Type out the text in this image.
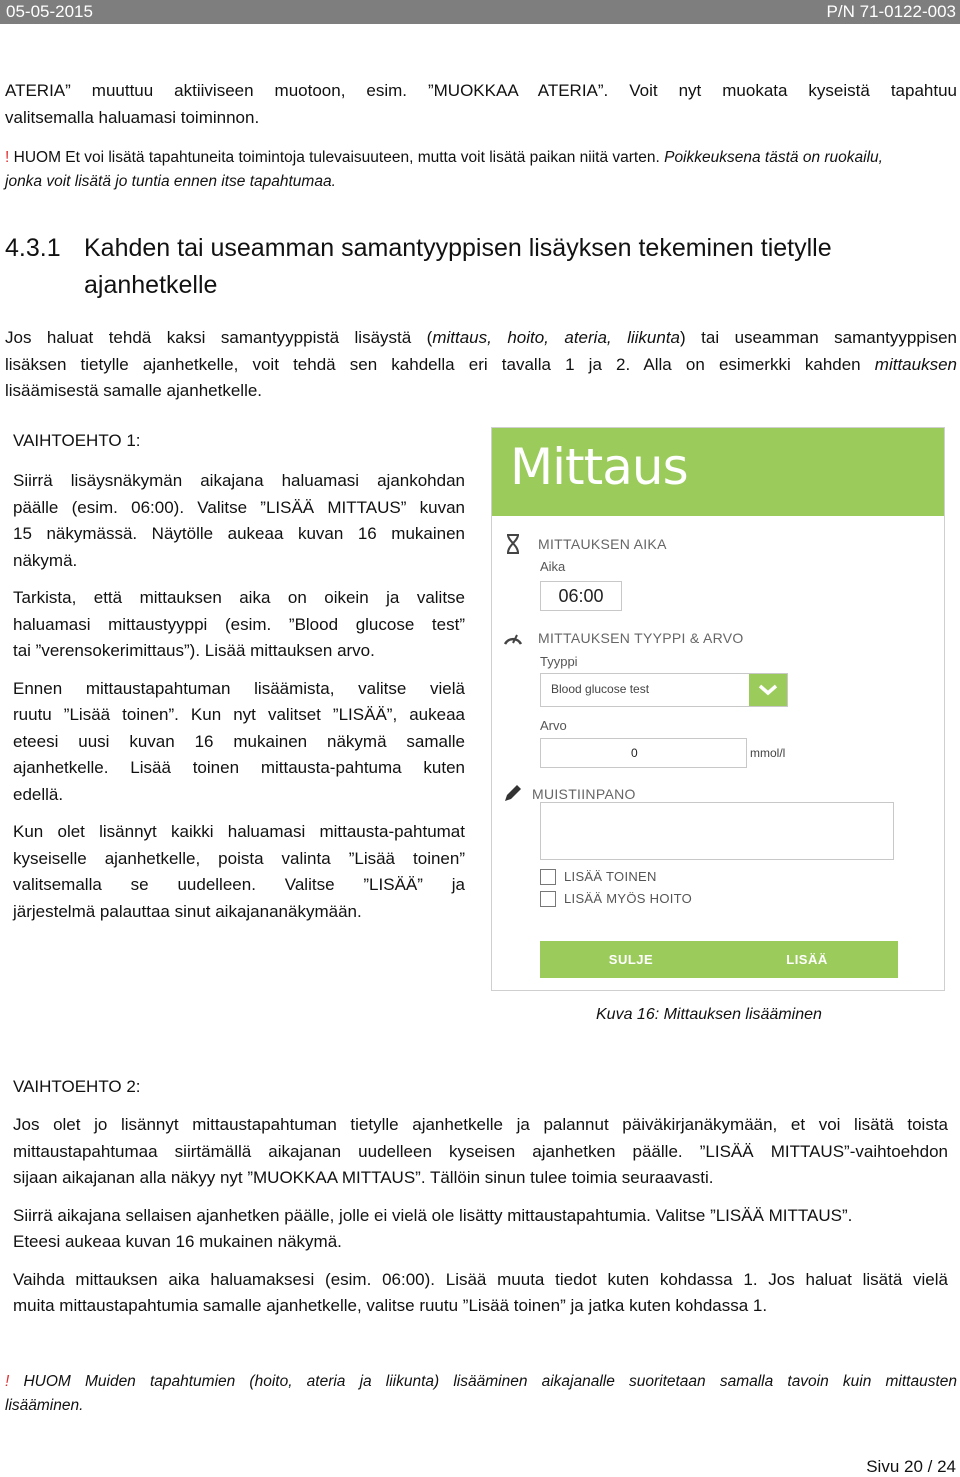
05-05-2015	P/N 71-0122-003
ATERIA” muuttuu aktiiviseen muotoon, esim. ”MUOKKAA ATERIA”. Voit nyt muokata kyseistä tapahtuu
valitsemalla haluamasi toiminnon.
! HUOM Et voi lisätä tapahtuneita toimintoja tulevaisuuteen, mutta voit lisätä paikan niitä varten. Poikkeuksena tästä on ruokailu,
jonka voit lisätä jo tuntia ennen itse tapahtumaa.
4.3.1 Kahden tai useamman samantyyppisen lisäyksen tekeminen tietylle
ajanhetkelle
Jos haluat tehdä kaksi samantyyppistä lisäystä (mittaus, hoito, ateria, liikunta) tai useamman samantyyppisen
lisäksen tietylle ajanhetkelle, voit tehdä sen kahdella eri tavalla 1 ja 2. Alla on esimerkki kahden mittauksen
lisäämisestä samalle ajanhetkelle.
VAIHTOEHTO 1:
Siirrä lisäysnäkymän aikajana haluamasi ajankohdan
päälle (esim. 06:00). Valitse ”LISÄÄ MITTAUS” kuvan
15 näkymässä. Näytölle aukeaa kuvan 16 mukainen
näkymä.
Tarkista, että mittauksen aika on oikein ja valitse
haluamasi mittaustyyppi (esim. ”Blood glucose test”
tai ”verensokerimittaus”). Lisää mittauksen arvo.
Ennen mittaustapahtuman lisäämista, valitse vielä
ruutu ”Lisää toinen”. Kun nyt valitset ”LISÄÄ”, aukeaa
eteesi uusi kuvan 16 mukainen näkymä samalle
ajanhetkelle. Lisää toinen mittausta-pahtuma kuten
edellä.
Kun olet lisännyt kaikki haluamasi mittausta-pahtumat
kyseiselle ajanhetkelle, poista valinta ”Lisää toinen”
valitsemalla se uudelleen. Valitse ”LISÄÄ” ja
järjestelmä palauttaa sinut aikajananäkymään.
Mittaus
MITTAUKSEN AIKA
Aika
06:00
MITTAUKSEN TYYPPI & ARVO
Tyyppi
Blood glucose test
Arvo
0	mmol/l
MUISTIINPANO
LISÄÄ TOINEN
LISÄÄ MYÖS HOITO
SULJE	LISÄÄ
Kuva 16: Mittauksen lisääminen
VAIHTOEHTO 2:
Jos olet jo lisännyt mittaustapahtuman tietylle ajanhetkelle ja palannut päiväkirjanäkymään, et voi lisätä toista
mittaustapahtumaa siirtämällä aikajanan uudelleen kyseisen ajanhetken päälle. ”LISÄÄ MITTAUS”-vaihtoehdon
sijaan aikajanan alla näkyy nyt ”MUOKKAA MITTAUS”. Tällöin sinun tulee toimia seuraavasti.
Siirrä aikajana sellaisen ajanhetken päälle, jolle ei vielä ole lisätty mittaustapahtumia. Valitse ”LISÄÄ MITTAUS”.
Eteesi aukeaa kuvan 16 mukainen näkymä.
Vaihda mittauksen aika haluamaksesi (esim. 06:00). Lisää muuta tiedot kuten kohdassa 1. Jos haluat lisätä vielä
muita mittaustapahtumia samalle ajanhetkelle, valitse ruutu ”Lisää toinen” ja jatka kuten kohdassa 1.
! HUOM Muiden tapahtumien (hoito, ateria ja liikunta) lisääminen aikajanalle suoritetaan samalla tavoin kuin mittausten
lisääminen.
Sivu 20 / 24
